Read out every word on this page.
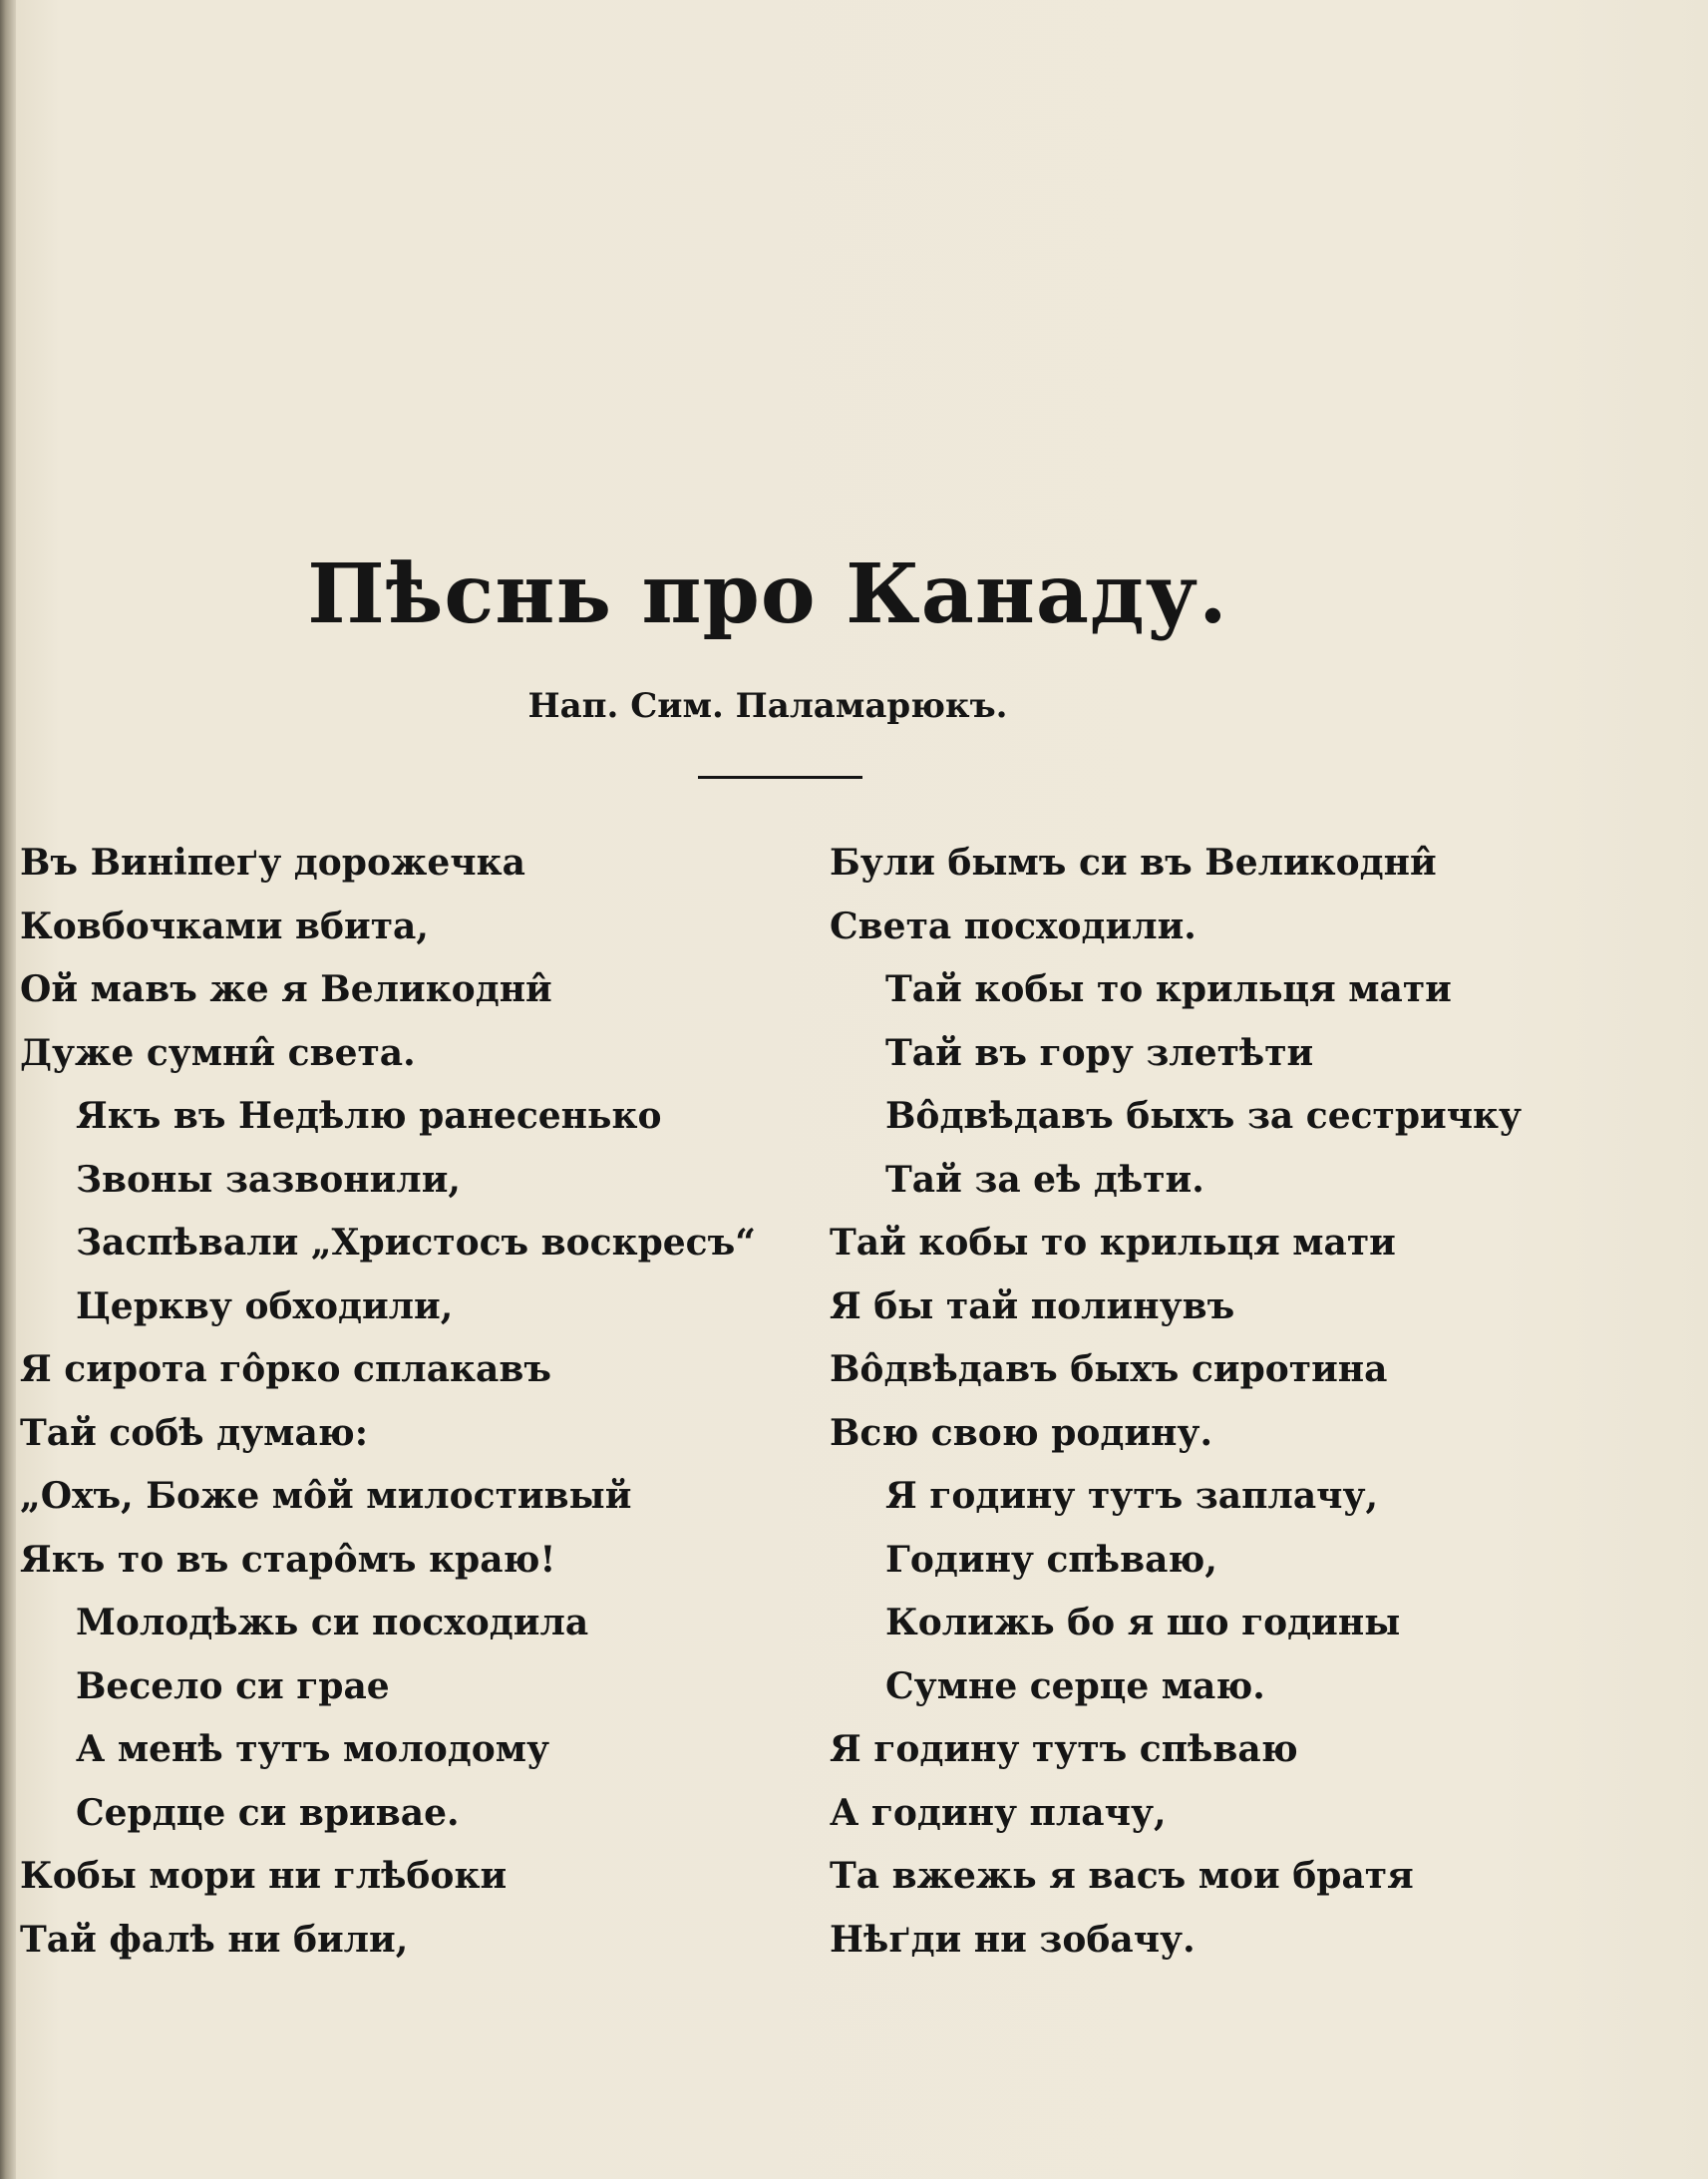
Пѣснь про Канаду.
Нап. Сим. Паламарюкъ.
Въ Винiпеґу дорожечка
Ковбочками вбита,
Ой мавъ же я Великодни̂
Дуже сумни̂ света.
Якъ въ Недѣлю ранесенько
Звоны зазвонили,
Заспѣвали „Христосъ воскресъ“
Церкву обходили,
Я сирота гôрко сплакавъ
Тай собѣ думаю:
„Охъ, Боже мôй милостивый
Якъ то въ старôмъ краю!
Молодѣжь си посходила
Весело си грае
А менѣ тутъ молодому
Сердце си вривае.
Кобы мори ни глѣбоки
Тай фалѣ ни били,
Були бымъ си въ Великодни̂
Света посходили.
Тай кобы то крильця мати
Тай въ гору злетѣти
Вôдвѣдавъ быхъ за сестричку
Тай за еѣ дѣти.
Тай кобы то крильця мати
Я бы тай полинувъ
Вôдвѣдавъ быхъ сиротина
Всю свою родину.
Я годину тутъ заплачу,
Годину спѣваю,
Колижь бо я шо годины
Сумне серце маю.
Я годину тутъ спѣваю
А годину плачу,
Та вжежь я васъ мои братя
Нѣґди ни зобачу.
